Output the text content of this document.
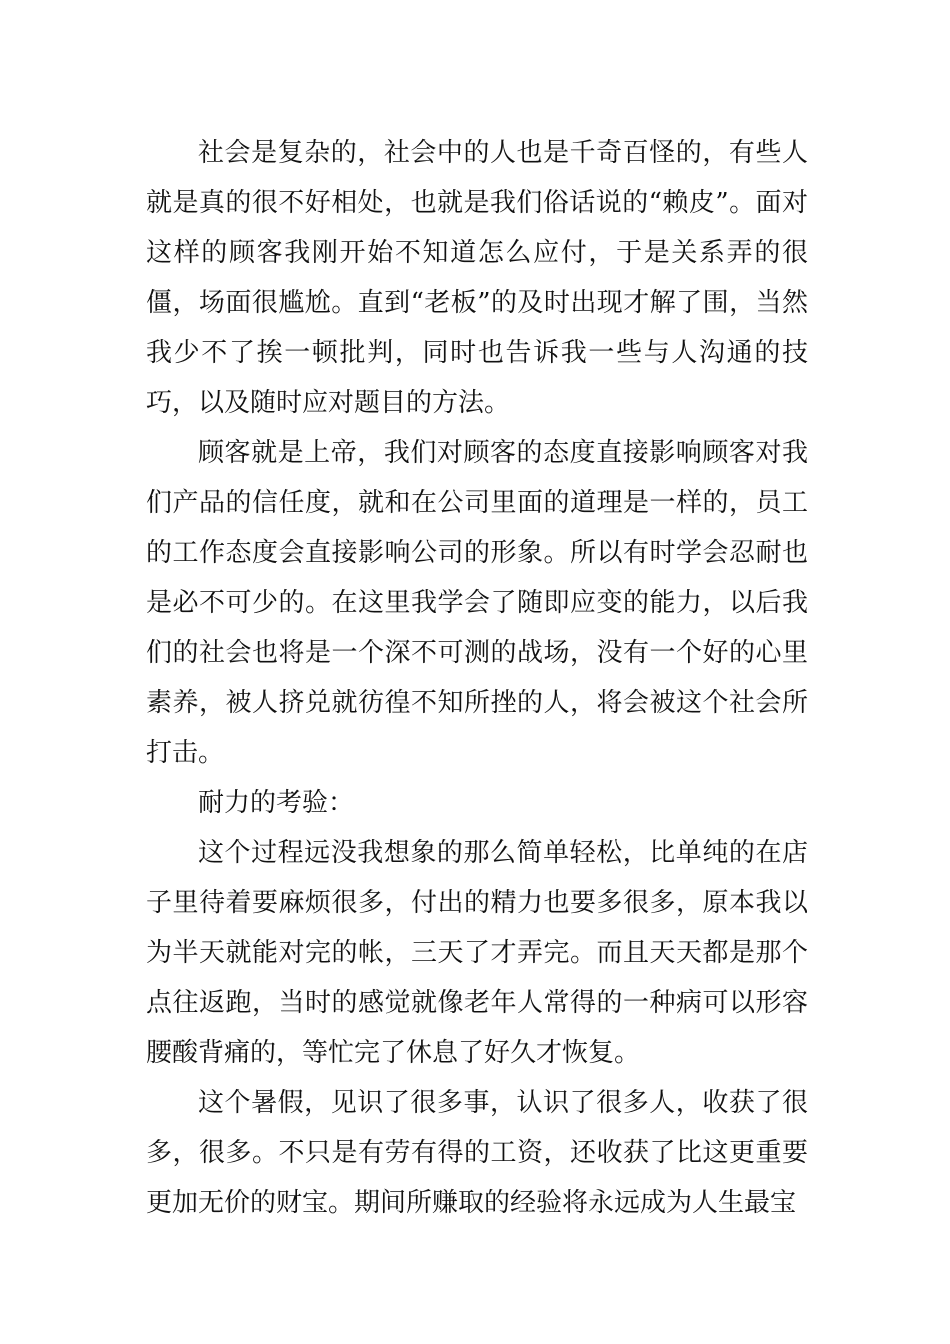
社会是复杂的，社会中的人也是千奇百怪的，有些人就是真的很不好相处，也就是我们俗话说的“赖皮”。面对这样的顾客我刚开始不知道怎么应付，于是关系弄的很僵，场面很尴尬。直到“老板”的及时出现才解了围，当然我少不了挨一顿批判，同时也告诉我一些与人沟通的技巧，以及随时应对题目的方法。

顾客就是上帝，我们对顾客的态度直接影响顾客对我们产品的信任度，就和在公司里面的道理是一样的，员工的工作态度会直接影响公司的形象。所以有时学会忍耐也是必不可少的。在这里我学会了随即应变的能力，以后我们的社会也将是一个深不可测的战场，没有一个好的心里素养，被人挤兑就彷徨不知所挫的人，将会被这个社会所打击。

耐力的考验：

这个过程远没我想象的那么简单轻松，比单纯的在店子里待着要麻烦很多，付出的精力也要多很多，原本我以为半天就能对完的帐，三天了才弄完。而且天天都是那个点往返跑，当时的感觉就像老年人常得的一种病可以形容腰酸背痛的，等忙完了休息了好久才恢复。

这个暑假，见识了很多事，认识了很多人，收获了很多，很多。不只是有劳有得的工资，还收获了比这更重要更加无价的财宝。期间所赚取的经验将永远成为人生最宝
